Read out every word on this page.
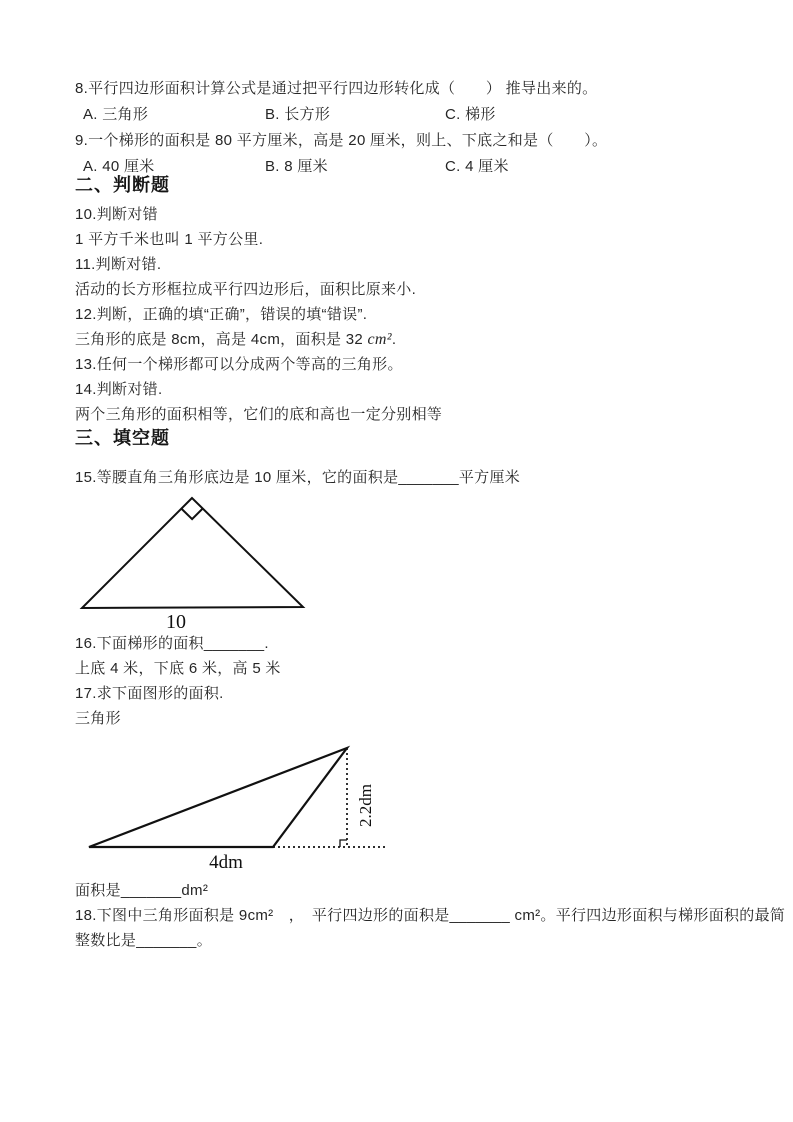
8.平行四边形面积计算公式是通过把平行四边形转化成（　　） 推导出来的。
A. 三角形	B. 长方形	C. 梯形
9.一个梯形的面积是 80 平方厘米，高是 20 厘米，则上、下底之和是（　　）。
A. 40 厘米	B. 8 厘米	C. 4 厘米
二、判断题
10.判断对错
1 平方千米也叫 1 平方公里.
11.判断对错.
活动的长方形框拉成平行四边形后，面积比原来小.
12.判断，正确的填“正确”，错误的填“错误”.
三角形的底是 8cm，高是 4cm，面积是 32 cm².
13.任何一个梯形都可以分成两个等高的三角形。
14.判断对错.
两个三角形的面积相等，它们的底和高也一定分别相等
三、填空题
15.等腰直角三角形底边是 10 厘米，它的面积是_______平方厘米
10
16.下面梯形的面积_______.
上底 4 米，下底 6 米，高 5 米
17.求下面图形的面积.
三角形
4dm
2.2dm
面积是_______dm²
18.下图中三角形面积是 9cm²　，　平行四边形的面积是_______ cm²。平行四边形面积与梯形面积的最简
整数比是_______。
